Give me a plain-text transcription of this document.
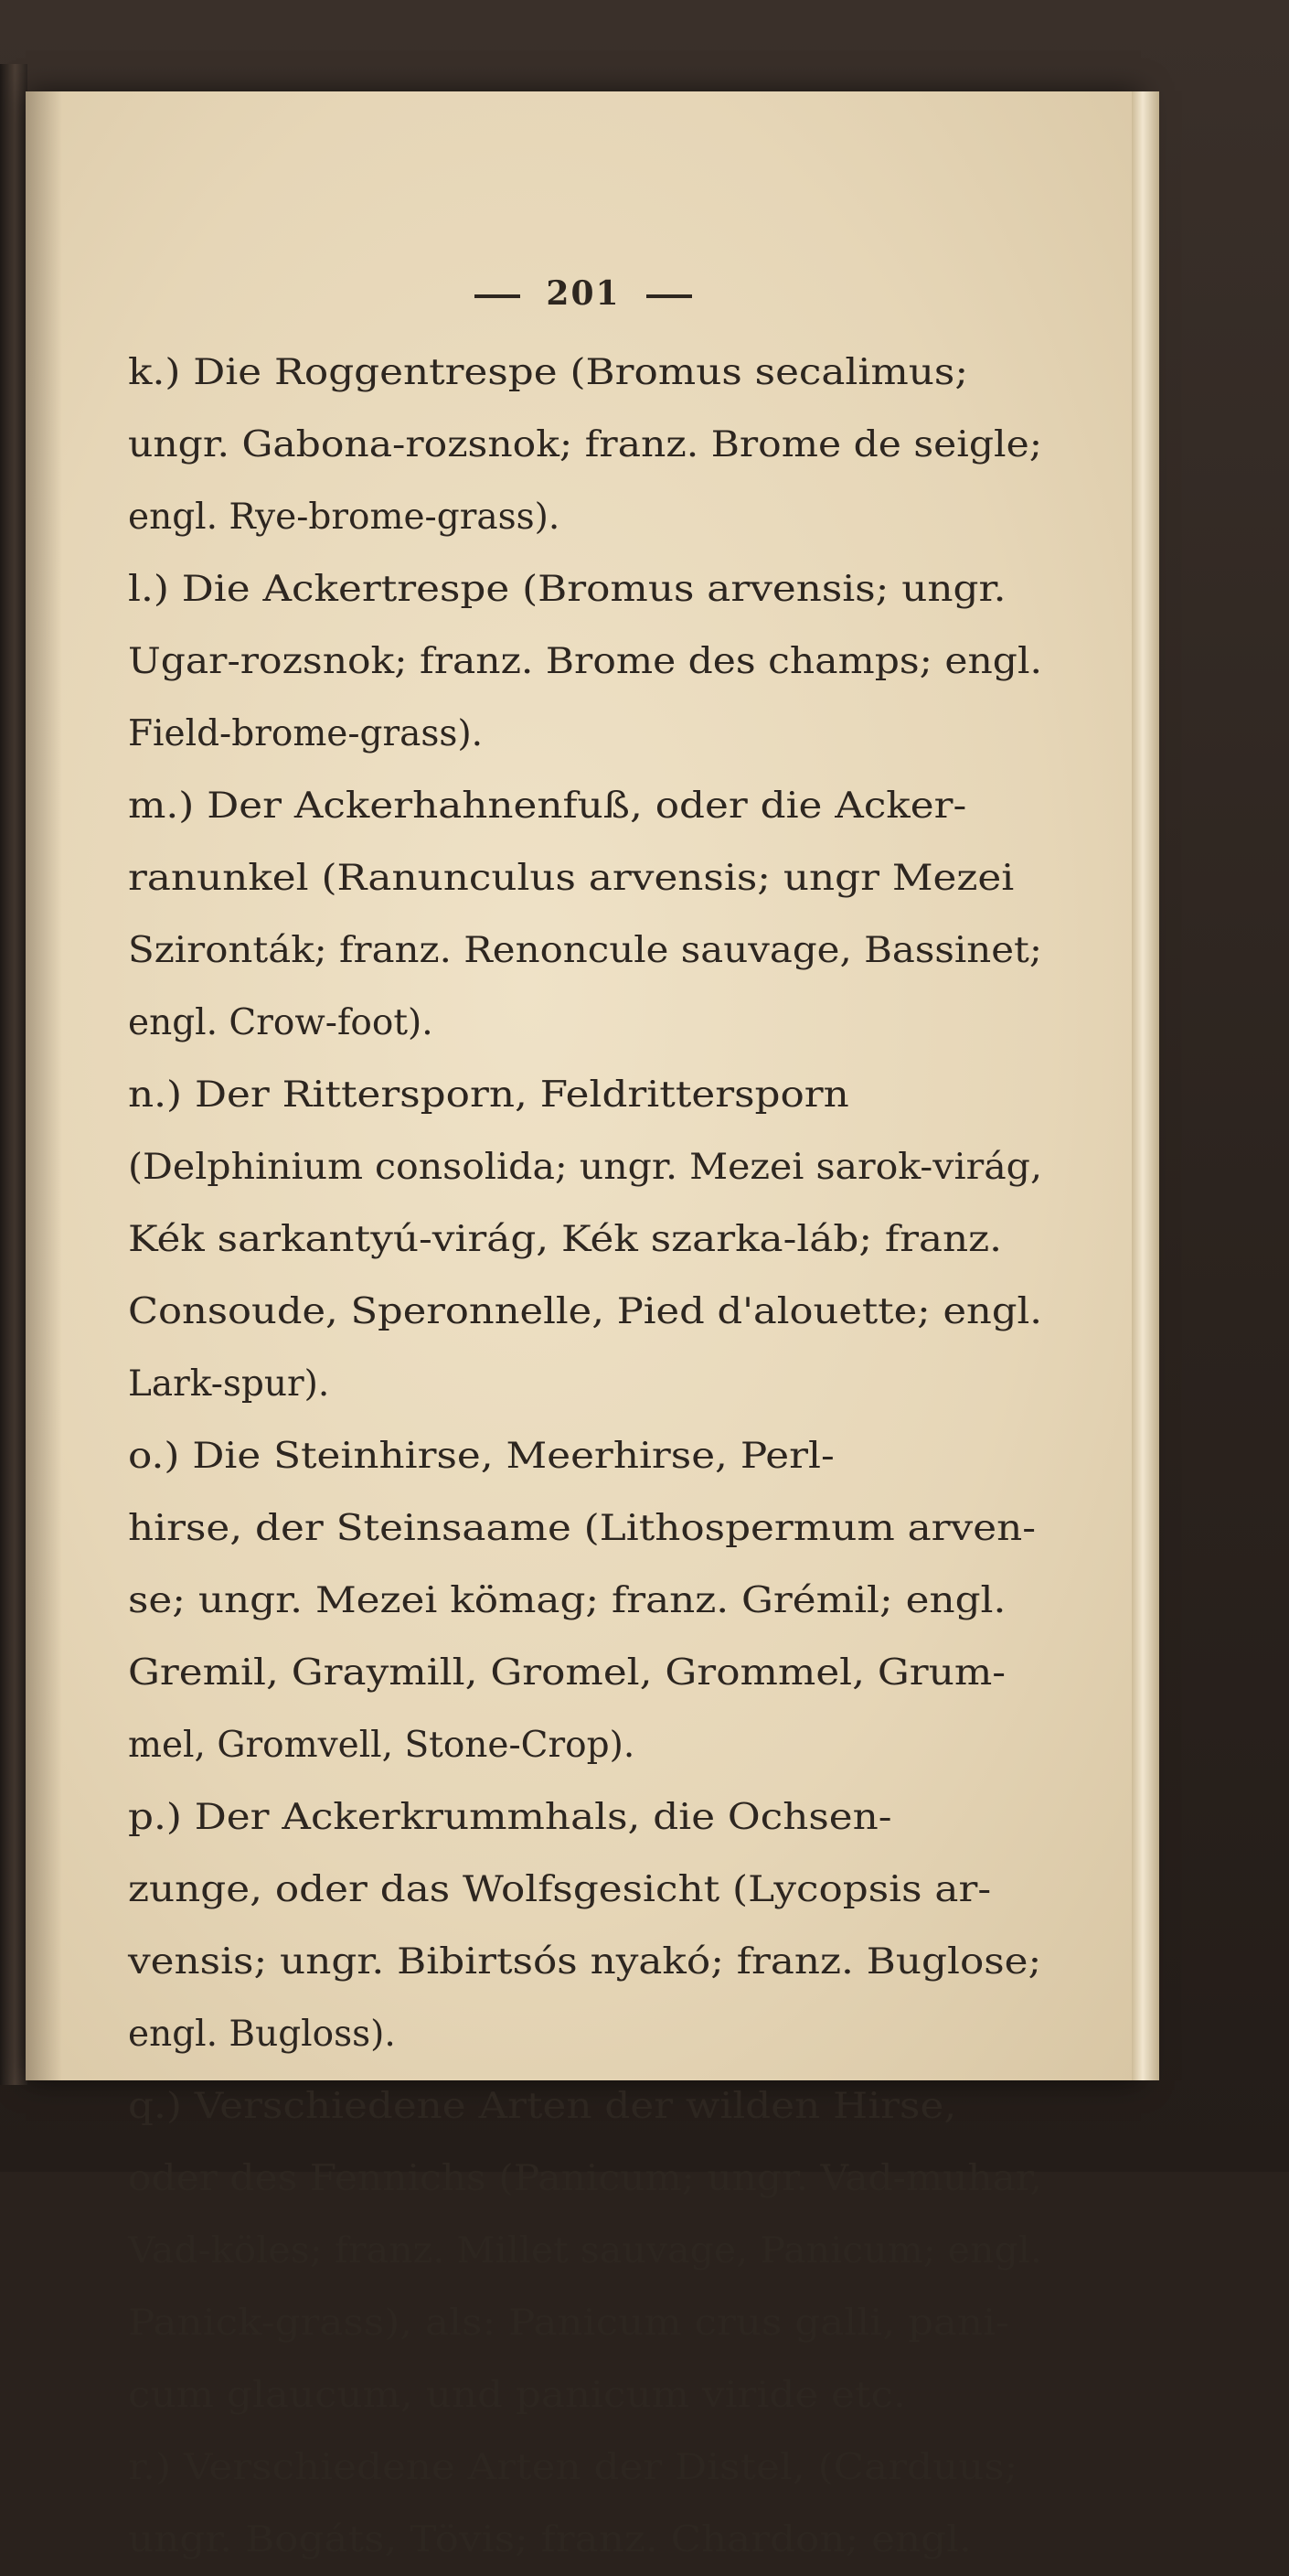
201
k.) Die Roggentrespe (Bromus secalimus;
ungr. Gabona-rozsnok; franz. Brome de seigle;
engl. Rye-brome-grass).
l.) Die Ackertrespe (Bromus arvensis; ungr.
Ugar-rozsnok; franz. Brome des champs; engl.
Field-brome-grass).
m.) Der Ackerhahnenfuß, oder die Acker-
ranunkel (Ranunculus arvensis; ungr Mezei
Szironták; franz. Renoncule sauvage, Bassinet;
engl. Crow-foot).
n.) Der Rittersporn, Feldrittersporn
(Delphinium consolida; ungr. Mezei sarok-virág,
Kék sarkantyú-virág, Kék szarka-láb; franz.
Consoude, Speronnelle, Pied d'alouette; engl.
Lark-spur).
o.) Die Steinhirse, Meerhirse, Perl-
hirse, der Steinsaame (Lithospermum arven-
se; ungr. Mezei kömag; franz. Grémil; engl.
Gremil, Graymill, Gromel, Grommel, Grum-
mel, Gromvell, Stone-Crop).
p.) Der Ackerkrummhals, die Ochsen-
zunge, oder das Wolfsgesicht (Lycopsis ar-
vensis; ungr. Bibirtsós nyakó; franz. Buglose;
engl. Bugloss).
q.) Verschiedene Arten der wilden Hirse,
oder des Fennichs (Panicum; ungr. Vad-muhar,
Vad-köles; franz. Millet sauvage, Panicum; engl.
Panick-grass), als: Panicum crus galli, pani-
cum glaucum, und panicum viride etc.
r.) Verschiedene Arten der Distel, (Carduus;
ungr. Bogáts, Tövis; franz. Chardon; engl.
